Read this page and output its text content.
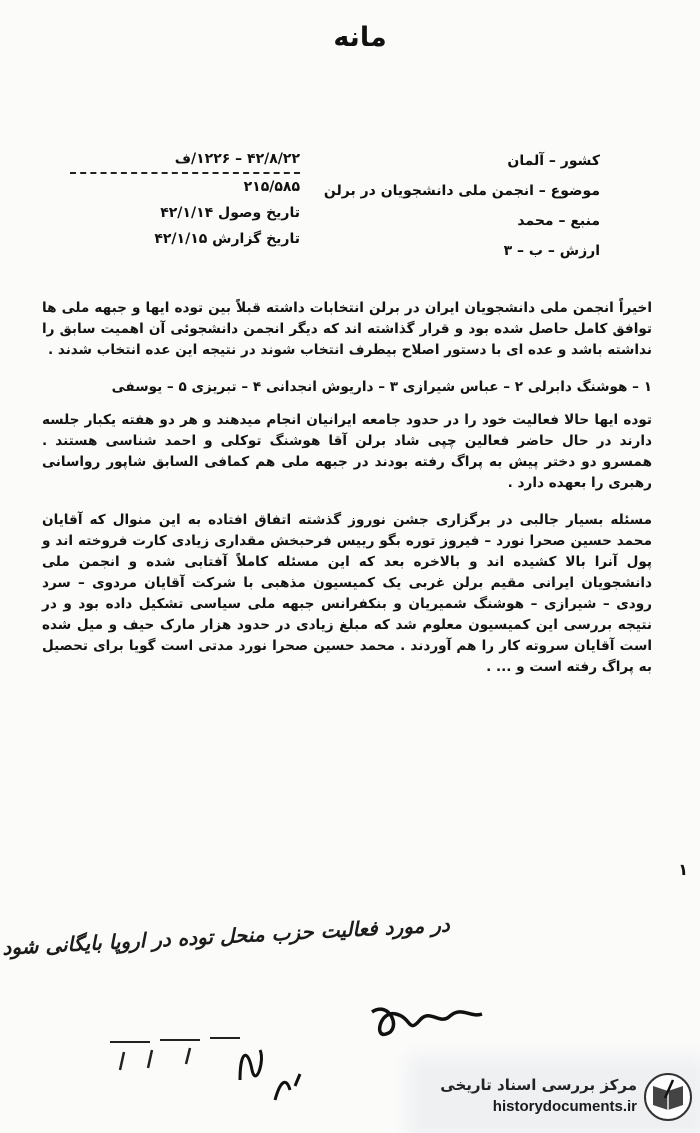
مانه
کشور – آلمان
موضوع – انجمن ملی دانشجویان در برلن
منبع – محمد
ارزش – ب – ۳
۴۲/۸/۲۲ – ۱۲۲۶/ف
۲۱۵/۵۸۵
تاریخ وصول ۴۲/۱/۱۴
تاریخ گزارش ۴۲/۱/۱۵

اخیراً انجمن ملی دانشجویان ایران در برلن انتخابات داشته قبلاً بین توده ایها و جبهه ملی ها توافق کامل حاصل شده بود و قرار گذاشته اند که دیگر انجمن دانشجوئی آن اهمیت سابق را نداشته باشد و عده ای با دستور اصلاح بیطرف انتخاب شوند در نتیجه این عده انتخاب شدند .

۱ – هوشنگ دابرلی ۲ – عباس شیرازی ۳ – داریوش انجدانی ۴ – تبریزی ۵ – یوسفی

توده ایها حالا فعالیت خود را در حدود جامعه ایرانیان انجام میدهند و هر دو هفته یکبار جلسه دارند در حال حاضر فعالین چپی شاد برلن آقا هوشنگ توکلی و احمد شناسی هستند . همسرو دو دختر پیش به پراگ رفته بودند در جبهه ملی هم کمافی السابق شاپور رواسانی رهبری را بعهده دارد .

مسئله بسیار جالبی در برگزاری جشن نوروز گذشته اتفاق افتاده به این منوال که آقایان محمد حسین صحرا نورد – فیروز توره بگو رییس فرحبخش مقداری زیادی کارت فروخته اند و پول آنرا بالا کشیده اند و بالاخره بعد که این مسئله کاملاً آفتابی شده و انجمن ملی دانشجویان ایرانی مقیم برلن غربی یک کمیسیون مذهبی با شرکت آقایان مردوی – سرد رودی – شیرازی – هوشنگ شمیریان و بنکفرانس جبهه ملی سیاسی تشکیل داده بود و در نتیجه بررسی این کمیسیون معلوم شد که مبلغ زیادی در حدود هزار مارک حیف و میل شده است آقایان سروته کار را هم آوردند . محمد حسین صحرا نورد مدتی است گویا برای تحصیل به پراگ رفته است و ... .

۱
در مورد فعالیت حزب منحل توده در اروپا بایگانی شود
مرکز بررسی اسناد تاریخی
historydocuments.ir
